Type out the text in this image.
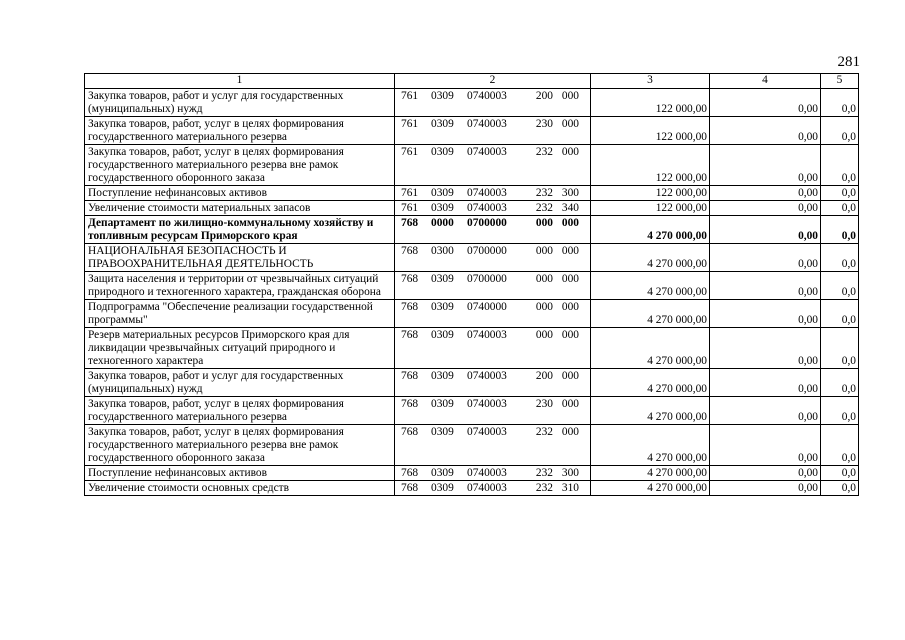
281
1	2	3	4	5
Закупка товаров, работ и услуг для государственных (муниципальных) нужд	761 0309 0740003 200 000	122 000,00	0,00	0,0
Закупка товаров, работ, услуг в целях формирования государственного материального резерва	761 0309 0740003 230 000	122 000,00	0,00	0,0
Закупка товаров, работ, услуг в целях формирования государственного материального резерва вне рамок государственного оборонного заказа	761 0309 0740003 232 000	122 000,00	0,00	0,0
Поступление нефинансовых активов	761 0309 0740003 232 300	122 000,00	0,00	0,0
Увеличение стоимости материальных запасов	761 0309 0740003 232 340	122 000,00	0,00	0,0
Департамент по жилищно-коммунальному хозяйству и топливным ресурсам Приморского края	768 0000 0700000 000 000	4 270 000,00	0,00	0,0
НАЦИОНАЛЬНАЯ БЕЗОПАСНОСТЬ И ПРАВООХРАНИТЕЛЬНАЯ ДЕЯТЕЛЬНОСТЬ	768 0300 0700000 000 000	4 270 000,00	0,00	0,0
Защита населения и территории от чрезвычайных ситуаций природного и техногенного характера, гражданская оборона	768 0309 0700000 000 000	4 270 000,00	0,00	0,0
Подпрограмма "Обеспечение реализации государственной программы"	768 0309 0740000 000 000	4 270 000,00	0,00	0,0
Резерв материальных ресурсов Приморского края для ликвидации чрезвычайных ситуаций природного и техногенного характера	768 0309 0740003 000 000	4 270 000,00	0,00	0,0
Закупка товаров, работ и услуг для государственных (муниципальных) нужд	768 0309 0740003 200 000	4 270 000,00	0,00	0,0
Закупка товаров, работ, услуг в целях формирования государственного материального резерва	768 0309 0740003 230 000	4 270 000,00	0,00	0,0
Закупка товаров, работ, услуг в целях формирования государственного материального резерва вне рамок государственного оборонного заказа	768 0309 0740003 232 000	4 270 000,00	0,00	0,0
Поступление нефинансовых активов	768 0309 0740003 232 300	4 270 000,00	0,00	0,0
Увеличение стоимости основных средств	768 0309 0740003 232 310	4 270 000,00	0,00	0,0
